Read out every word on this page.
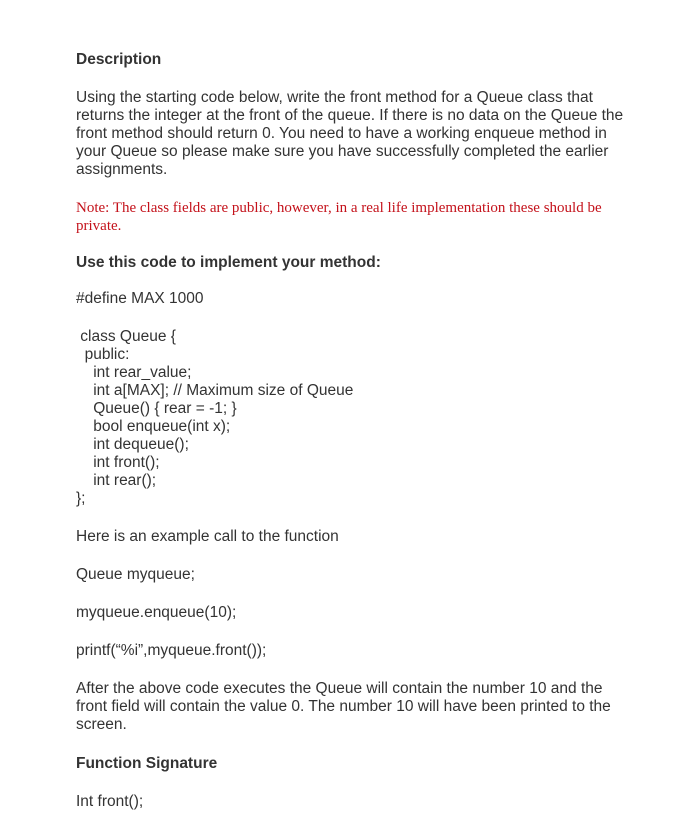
Description

Using the starting code below, write the front method for a Queue class that returns the integer at the front of the queue. If there is no data on the Queue the front method should return 0. You need to have a working enqueue method in your Queue so please make sure you have successfully completed the earlier assignments.

Note: The class fields are public, however, in a real life implementation these should be private.

Use this code to implement your method:

#define MAX 1000

class Queue {

public:

int rear_value;

int a[MAX]; // Maximum size of Queue

Queue() { rear = -1; }

bool enqueue(int x);

int dequeue();

int front();

int rear();

};

Here is an example call to the function

Queue myqueue;

myqueue.enqueue(10);

printf(“%i”,myqueue.front());

After the above code executes the Queue will contain the number 10 and the front field will contain the value 0. The number 10 will have been printed to the screen.

Function Signature

Int front();
